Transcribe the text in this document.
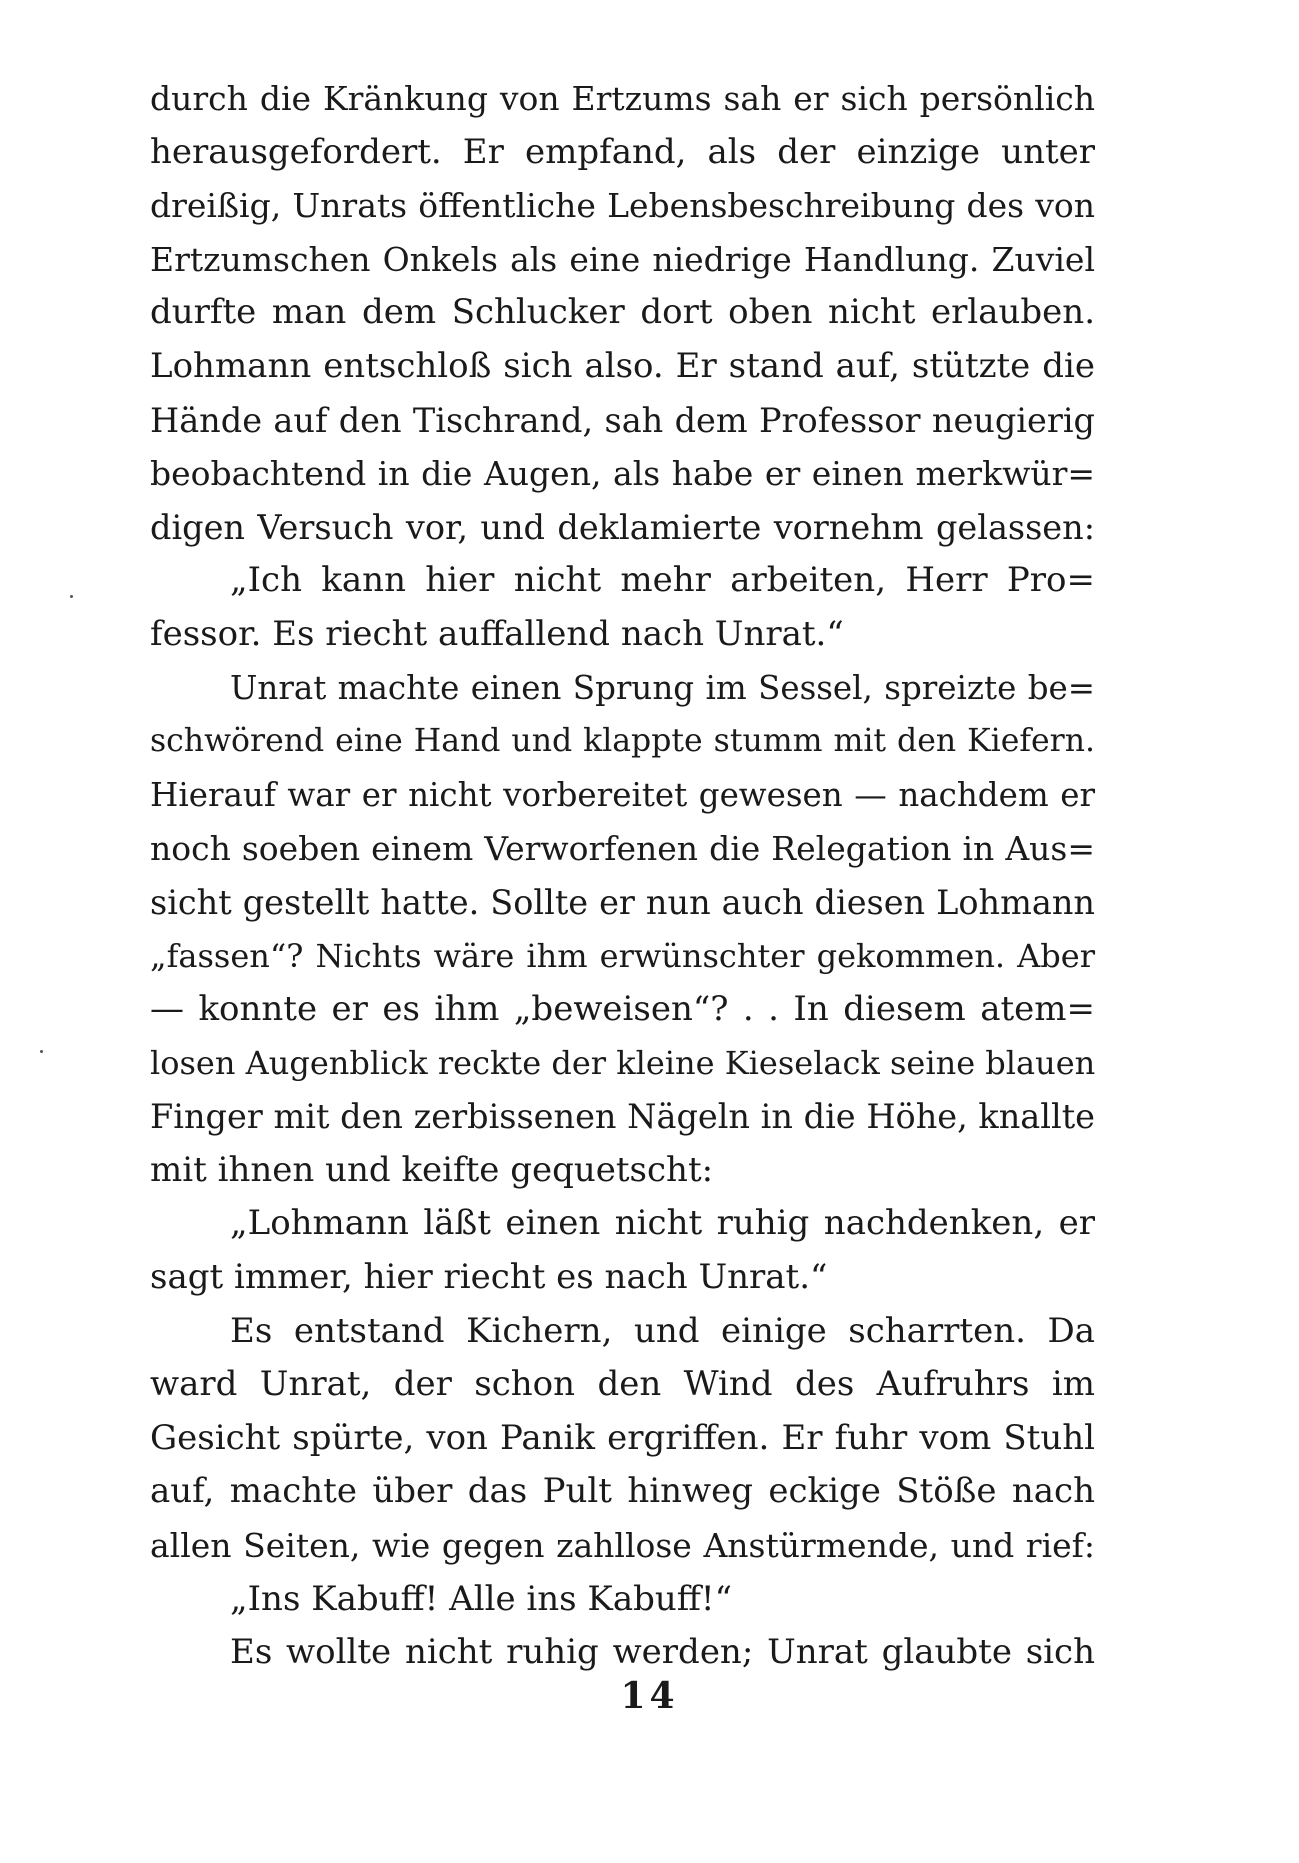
durch die Kränkung von Ertzums sah er sich persönlich
herausgefordert. Er empfand, als der einzige unter
dreißig, Unrats öffentliche Lebensbeschreibung des von
Ertzumschen Onkels als eine niedrige Handlung. Zuviel
durfte man dem Schlucker dort oben nicht erlauben.
Lohmann entschloß sich also. Er stand auf, stützte die
Hände auf den Tischrand, sah dem Professor neugierig
beobachtend in die Augen, als habe er einen merkwür=
digen Versuch vor, und deklamierte vornehm gelassen:
„Ich kann hier nicht mehr arbeiten, Herr Pro=
fessor. Es riecht auffallend nach Unrat.“
Unrat machte einen Sprung im Sessel, spreizte be=
schwörend eine Hand und klappte stumm mit den Kiefern.
Hierauf war er nicht vorbereitet gewesen — nachdem er
noch soeben einem Verworfenen die Relegation in Aus=
sicht gestellt hatte. Sollte er nun auch diesen Lohmann
„fassen“? Nichts wäre ihm erwünschter gekommen. Aber
— konnte er es ihm „beweisen“? . . In diesem atem=
losen Augenblick reckte der kleine Kieselack seine blauen
Finger mit den zerbissenen Nägeln in die Höhe, knallte
mit ihnen und keifte gequetscht:
„Lohmann läßt einen nicht ruhig nachdenken, er
sagt immer, hier riecht es nach Unrat.“
Es entstand Kichern, und einige scharrten. Da
ward Unrat, der schon den Wind des Aufruhrs im
Gesicht spürte, von Panik ergriffen. Er fuhr vom Stuhl
auf, machte über das Pult hinweg eckige Stöße nach
allen Seiten, wie gegen zahllose Anstürmende, und rief:
„Ins Kabuff! Alle ins Kabuff!“
Es wollte nicht ruhig werden; Unrat glaubte sich
14
